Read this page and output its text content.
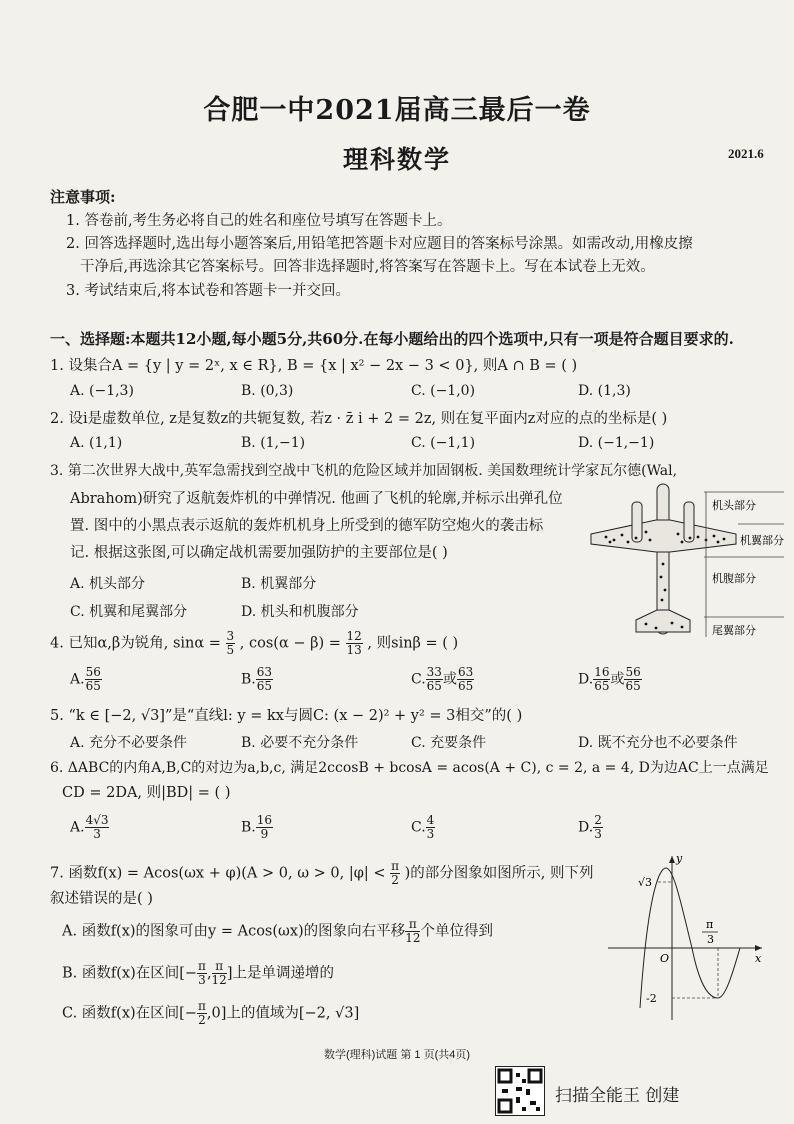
合肥一中2021届高三最后一卷
理科数学	2021.6
注意事项:
1. 答卷前,考生务必将自己的姓名和座位号填写在答题卡上。
2. 回答选择题时,选出每小题答案后,用铅笔把答题卡对应题目的答案标号涂黑。如需改动,用橡皮擦
干净后,再选涂其它答案标号。回答非选择题时,将答案写在答题卡上。写在本试卷上无效。
3. 考试结束后,将本试卷和答题卡一并交回。
一、选择题:本题共12小题,每小题5分,共60分.在每小题给出的四个选项中,只有一项是符合题目要求的.
1. 设集合A = {y | y = 2ˣ, x ∈ R}, B = {x | x² − 2x − 3 < 0}, 则A ∩ B = ( )
A. (−1,3)	B. (0,3)	C. (−1,0)	D. (1,3)
2. 设i是虚数单位, z是复数z的共轭复数, 若z · z̄ i + 2 = 2z, 则在复平面内z对应的点的坐标是( )
A. (1,1)	B. (1,−1)	C. (−1,1)	D. (−1,−1)
3. 第二次世界大战中,英军急需找到空战中飞机的危险区域并加固钢板. 美国数理统计学家瓦尔德(Wal,
Abrahom)研究了返航轰炸机的中弹情况. 他画了飞机的轮廓,并标示出弹孔位
置. 图中的小黑点表示返航的轰炸机机身上所受到的德军防空炮火的袭击标
记. 根据这张图,可以确定战机需要加强防护的主要部位是( )
A. 机头部分	B. 机翼部分
C. 机翼和尾翼部分	D. 机头和机腹部分
机头部分
机翼部分
机腹部分
尾翼部分
4. 已知α,β为锐角, $\sin\alpha = \frac{3}{5}$ , $\cos(\alpha - \beta) = \frac{12}{13}$ , 则sinβ = ( )
A. $\frac{56}{65}$	B. $\frac{63}{65}$	C. $\frac{33}{65}$ 或 $\frac{63}{65}$	D. $\frac{16}{65}$ 或 $\frac{56}{65}$
5. “k ∈ [−2, √3]”是“直线l: y = kx与圆C: (x − 2)² + y² = 3相交”的( )
A. 充分不必要条件	B. 必要不充分条件	C. 充要条件	D. 既不充分也不必要条件
6. ΔABC的内角A,B,C的对边为a,b,c, 满足2ccosB + bcosA = acos(A + C), c = 2, a = 4, D为边AC上一点满足
CD = 2DA, 则|BD| = ( )
A. $\frac{4√3}{3}$	B. $\frac{16}{9}$	C. $\frac{4}{3}$	D. $\frac{2}{3}$
7. 函数f(x) = Acos(ωx + φ)(A > 0, ω > 0, $|\varphi| < \frac{\pi}{2}$ )的部分图象如图所示, 则下列
叙述错误的是( )
A. 函数f(x)的图象可由y = Acos(ωx)的图象向右平移 $\frac{\pi}{12}$ 个单位得到
B. 函数f(x)在区间[− $\frac{\pi}{3}$ , $\frac{\pi}{12}$ ]上是单调递增的
C. 函数f(x)在区间[− $\frac{\pi}{2} ,0$]上的值域为[−2, √3]
y
x
O
√3
-2
π
3
数学(理科)试题 第 1 页(共4页)
扫描全能王 创建
